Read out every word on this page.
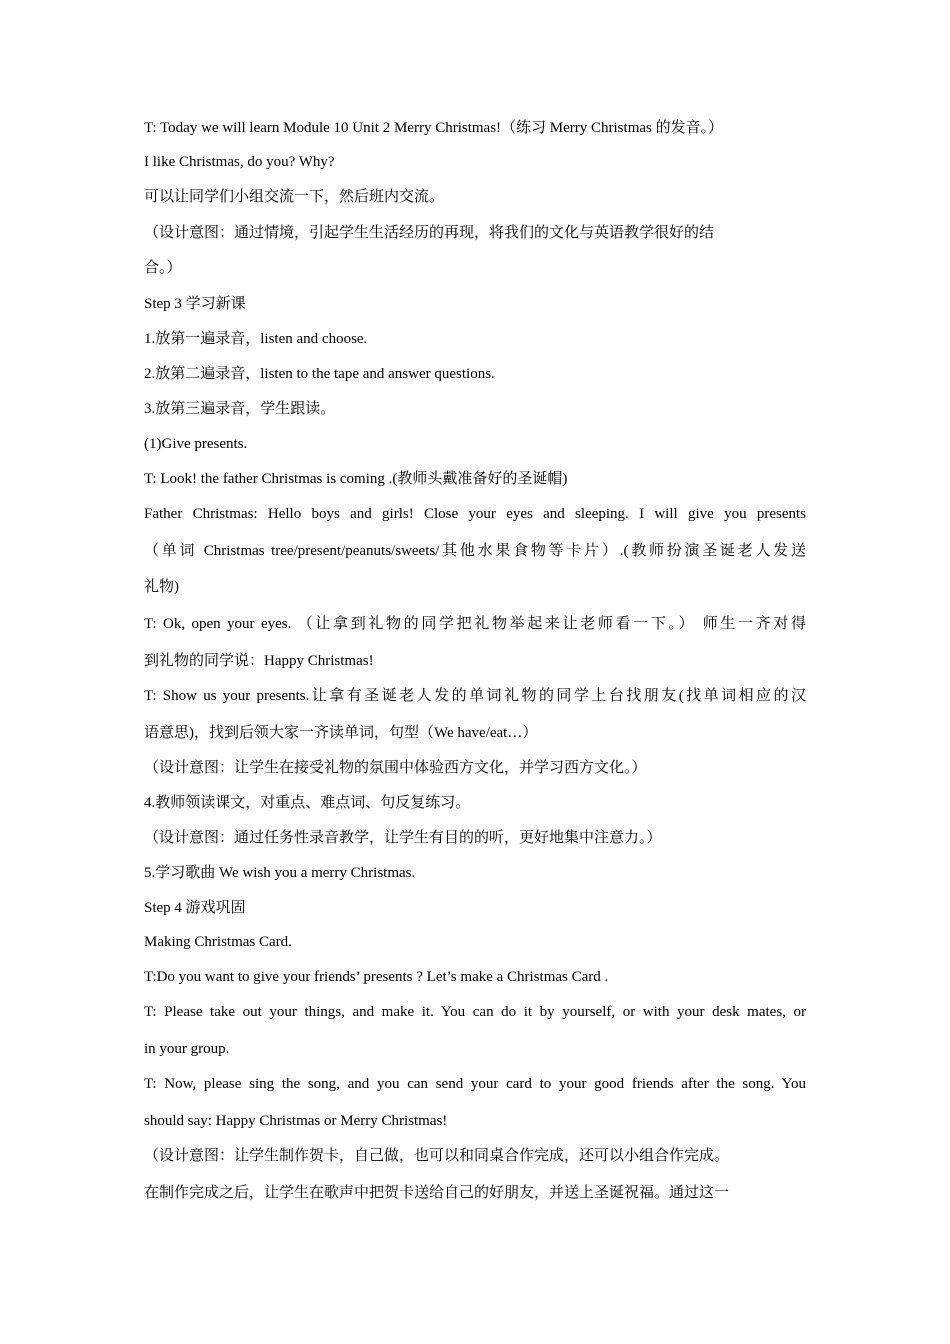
T: Today we will learn Module 10 Unit 2 Merry Christmas!（练习 Merry Christmas 的发音。）
I like Christmas, do you? Why?
可以让同学们小组交流一下，然后班内交流。
（设计意图：通过情境，引起学生生活经历的再现，将我们的文化与英语教学很好的结
合。）
Step 3 学习新课
1.放第一遍录音，listen and choose.
2.放第二遍录音，listen to the tape and answer questions.
3.放第三遍录音，学生跟读。
(1)Give presents.
T: Look! the father Christmas is coming .(教师头戴准备好的圣诞帽)
Father Christmas: Hello boys and girls! Close your eyes and sleeping. I will give you presents
（单词 Christmas tree/present/peanuts/sweets/其他水果食物等卡片）.(教师扮演圣诞老人发送
礼物)
T: Ok, open your eyes. （让拿到礼物的同学把礼物举起来让老师看一下。） 师生一齐对得
到礼物的同学说：Happy Christmas!
T: Show us your presents.让拿有圣诞老人发的单词礼物的同学上台找朋友(找单词相应的汉
语意思)，找到后领大家一齐读单词，句型（We have/eat…）
（设计意图：让学生在接受礼物的氛围中体验西方文化，并学习西方文化。）
4.教师领读课文，对重点、难点词、句反复练习。
（设计意图：通过任务性录音教学，让学生有目的的听，更好地集中注意力。）
5.学习歌曲 We wish you a merry Christmas.
Step 4 游戏巩固
Making Christmas Card.
T:Do you want to give your friends’ presents ? Let’s make a Christmas Card .
T: Please take out your things, and make it. You can do it by yourself, or with your desk mates, or
in your group.
T: Now, please sing the song, and you can send your card to your good friends after the song. You
should say: Happy Christmas or Merry Christmas!
（设计意图：让学生制作贺卡，自己做，也可以和同桌合作完成，还可以小组合作完成。
在制作完成之后，让学生在歌声中把贺卡送给自己的好朋友，并送上圣诞祝福。通过这一
